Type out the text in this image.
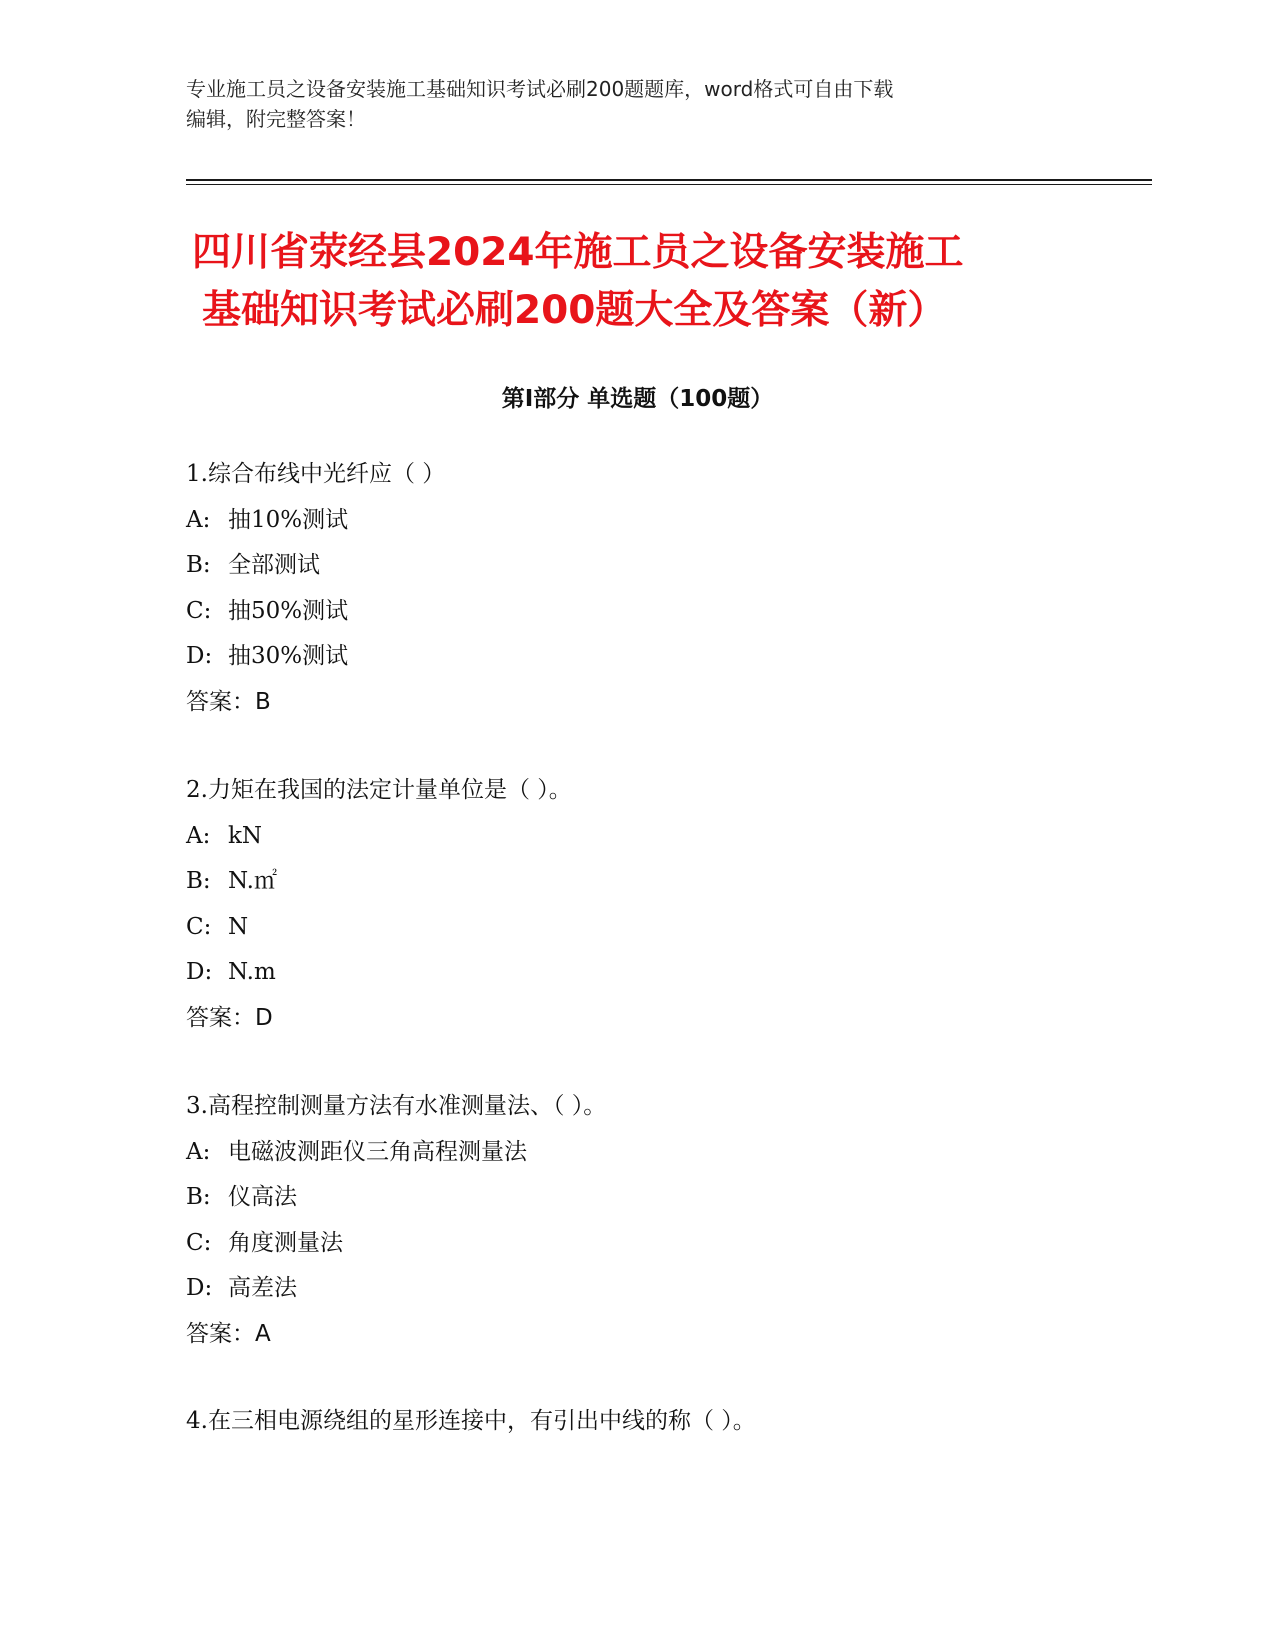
专业施工员之设备安装施工基础知识考试必刷200题题库，word格式可自由下载
编辑，附完整答案！
四川省荥经县2024年施工员之设备安装施工
基础知识考试必刷200题大全及答案（新）
第Ⅰ部分 单选题（100题）
1.综合布线中光纤应（ ）
A: 抽10%测试
B: 全部测试
C: 抽50%测试
D: 抽30%测试
答案：B
2.力矩在我国的法定计量单位是（ ）。
A: kN
B: N.㎡
C: N
D: N.m
答案：D
3.高程控制测量方法有水准测量法、（ ）。
A: 电磁波测距仪三角高程测量法
B: 仪高法
C: 角度测量法
D: 高差法
答案：A
4.在三相电源绕组的星形连接中，有引出中线的称（ ）。
